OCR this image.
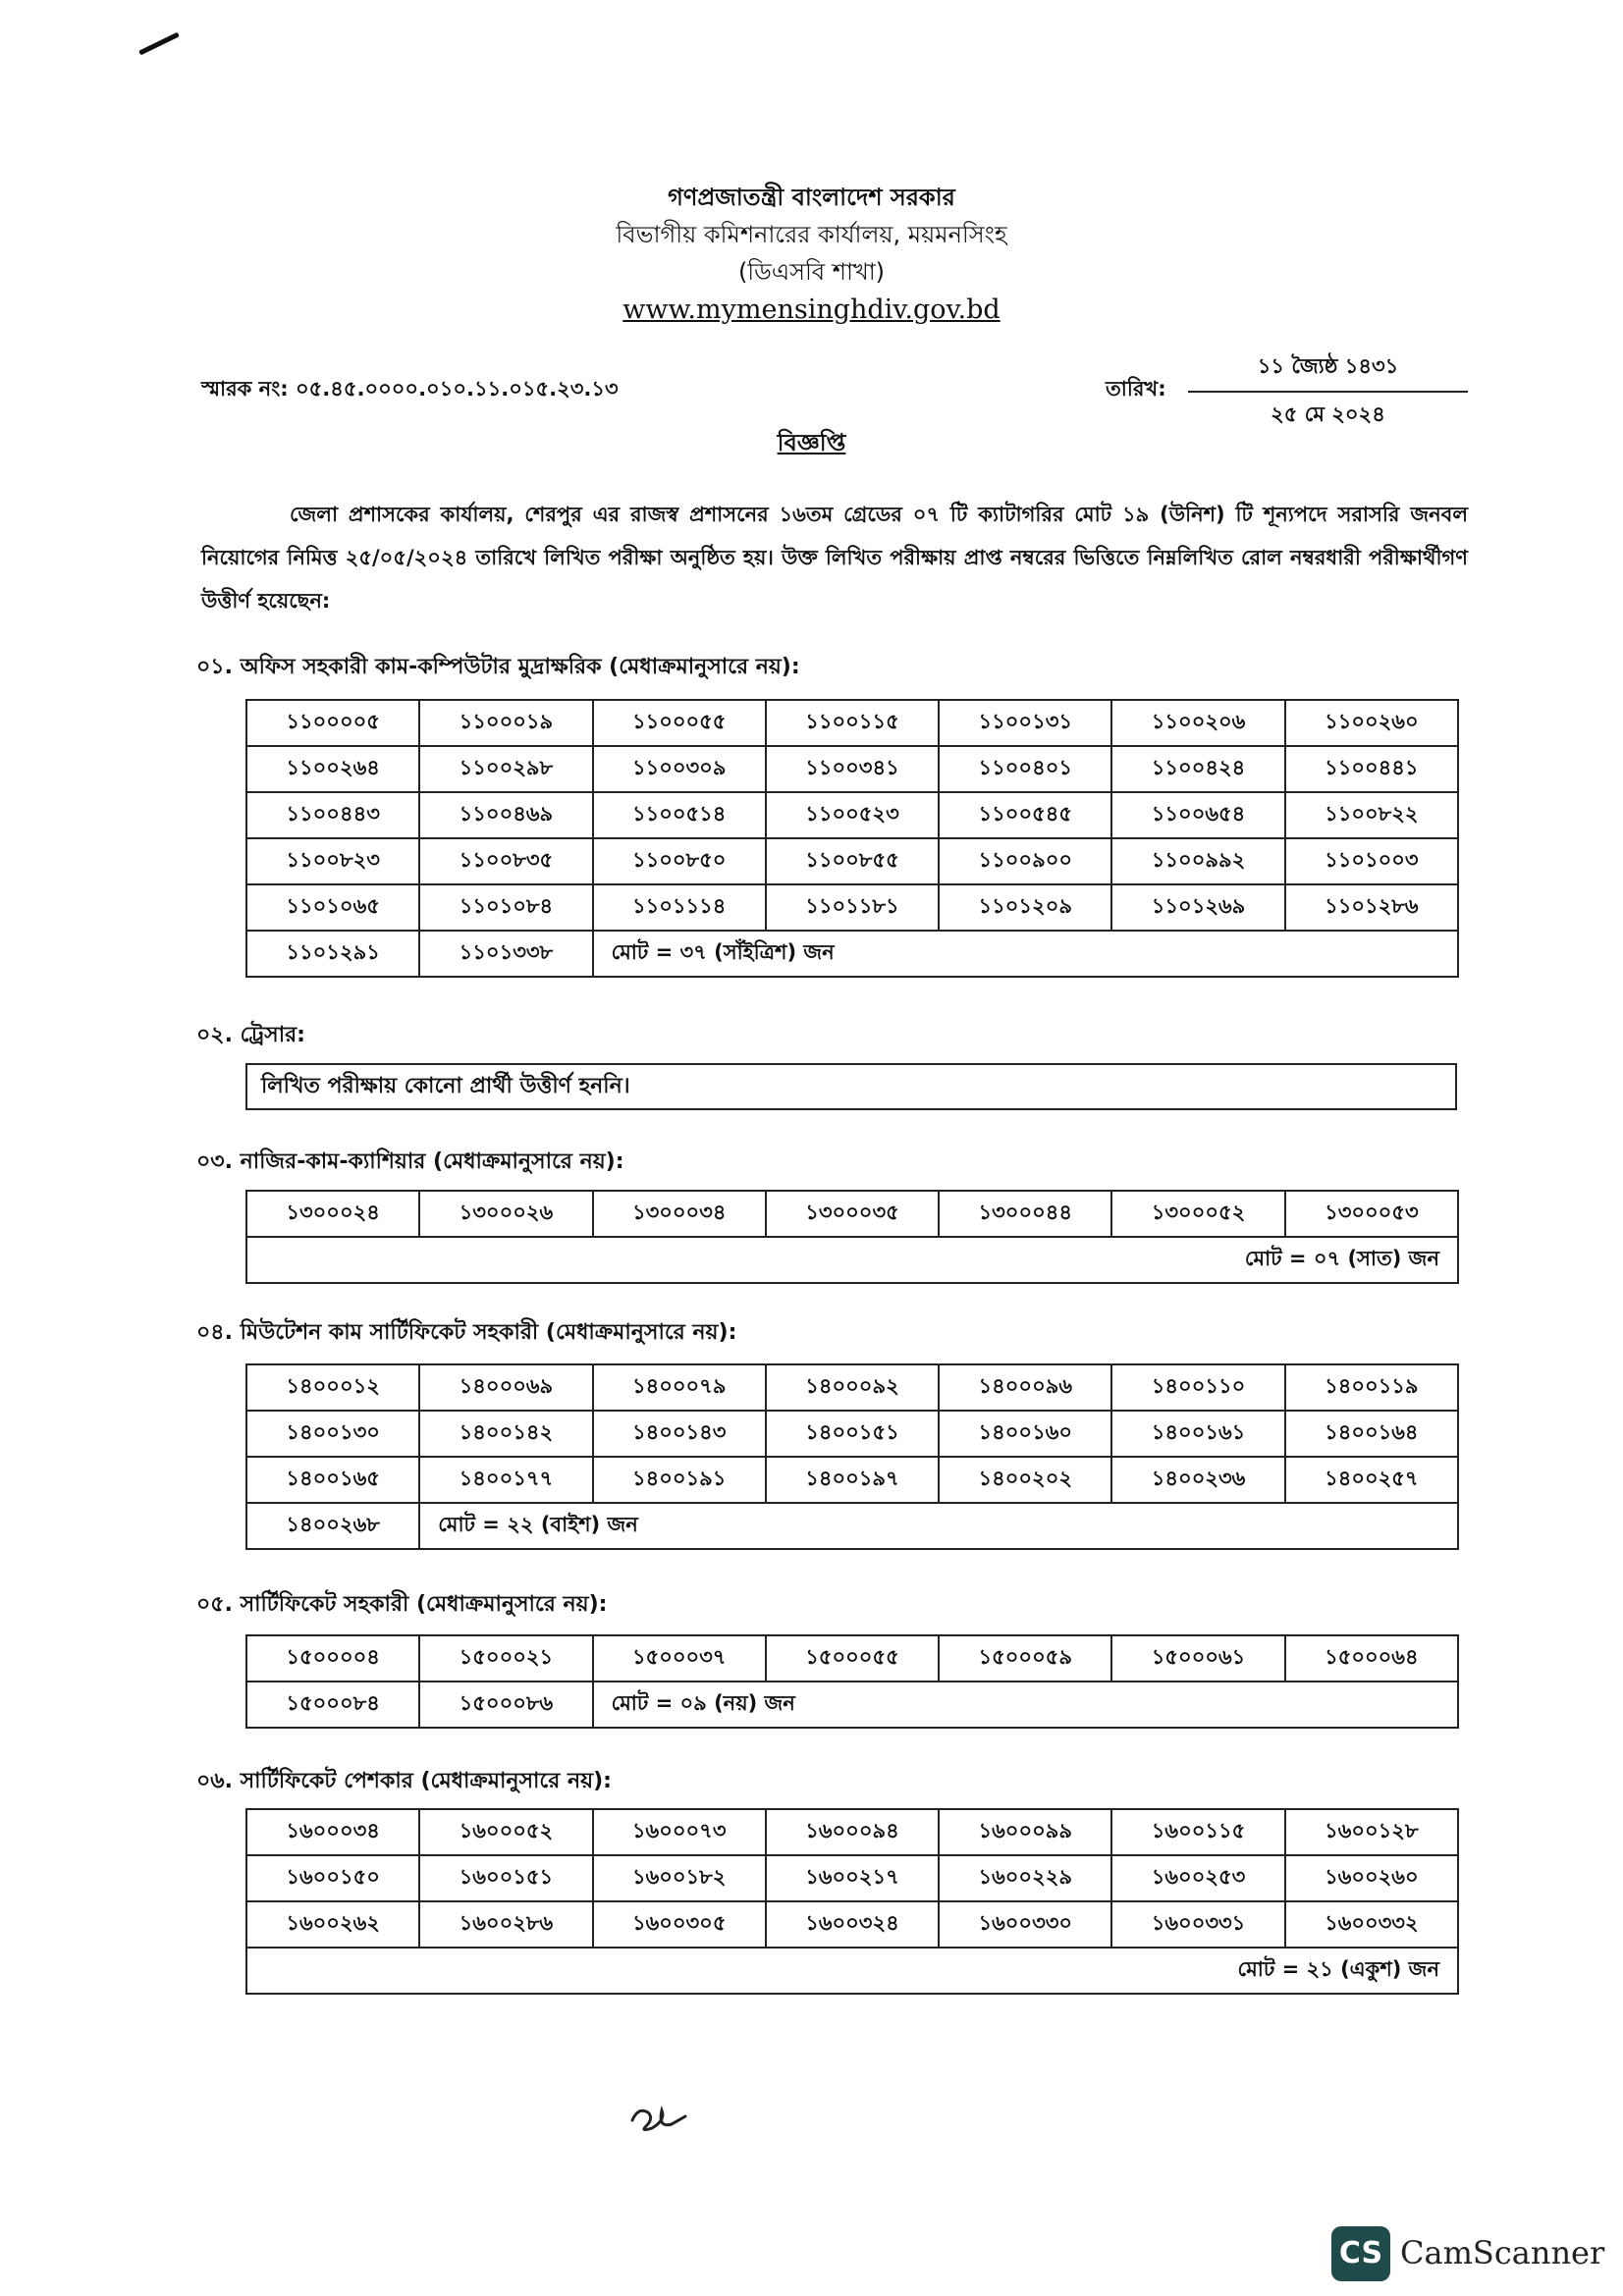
গণপ্রজাতন্ত্রী বাংলাদেশ সরকার
বিভাগীয় কমিশনারের কার্যালয়, ময়মনসিংহ
(ডিএসবি শাখা)
www.mymensinghdiv.gov.bd
স্মারক নং: ০৫.৪৫.০০০০.০১০.১১.০১৫.২৩.১৩	তারিখ:
১১ জ্যৈষ্ঠ ১৪৩১
২৫ মে ২০২৪
বিজ্ঞপ্তি
জেলা প্রশাসকের কার্যালয়, শেরপুর এর রাজস্ব প্রশাসনের ১৬তম গ্রেডের ০৭ টি ক্যাটাগরির মোট ১৯ (উনিশ) টি শূন্যপদে সরাসরি জনবল নিয়োগের নিমিত্ত ২৫/০৫/২০২৪ তারিখে লিখিত পরীক্ষা অনুষ্ঠিত হয়। উক্ত লিখিত পরীক্ষায় প্রাপ্ত নম্বরের ভিত্তিতে নিম্নলিখিত রোল নম্বরধারী পরীক্ষার্থীগণ উত্তীর্ণ হয়েছেন:
০১. অফিস সহকারী কাম-কম্পিউটার মুদ্রাক্ষরিক (মেধাক্রমানুসারে নয়):
১১০০০০৫	১১০০০১৯	১১০০০৫৫	১১০০১১৫	১১০০১৩১	১১০০২০৬	১১০০২৬০
১১০০২৬৪	১১০০২৯৮	১১০০৩০৯	১১০০৩৪১	১১০০৪০১	১১০০৪২৪	১১০০৪৪১
১১০০৪৪৩	১১০০৪৬৯	১১০০৫১৪	১১০০৫২৩	১১০০৫৪৫	১১০০৬৫৪	১১০০৮২২
১১০০৮২৩	১১০০৮৩৫	১১০০৮৫০	১১০০৮৫৫	১১০০৯০০	১১০০৯৯২	১১০১০০৩
১১০১০৬৫	১১০১০৮৪	১১০১১১৪	১১০১১৮১	১১০১২০৯	১১০১২৬৯	১১০১২৮৬
১১০১২৯১	১১০১৩৩৮	মোট = ৩৭ (সাঁইত্রিশ) জন				
০২. ট্রেসার:
লিখিত পরীক্ষায় কোনো প্রার্থী উত্তীর্ণ হননি।
০৩. নাজির-কাম-ক্যাশিয়ার (মেধাক্রমানুসারে নয়):
১৩০০০২৪	১৩০০০২৬	১৩০০০৩৪	১৩০০০৩৫	১৩০০০৪৪	১৩০০০৫২	১৩০০০৫৩
মোট = ০৭ (সাত) জন
০৪. মিউটেশন কাম সার্টিফিকেট সহকারী (মেধাক্রমানুসারে নয়):
১৪০০০১২	১৪০০০৬৯	১৪০০০৭৯	১৪০০০৯২	১৪০০০৯৬	১৪০০১১০	১৪০০১১৯
১৪০০১৩০	১৪০০১৪২	১৪০০১৪৩	১৪০০১৫১	১৪০০১৬০	১৪০০১৬১	১৪০০১৬৪
১৪০০১৬৫	১৪০০১৭৭	১৪০০১৯১	১৪০০১৯৭	১৪০০২০২	১৪০০২৩৬	১৪০০২৫৭
১৪০০২৬৮	মোট = ২২ (বাইশ) জন					
০৫. সার্টিফিকেট সহকারী (মেধাক্রমানুসারে নয়):
১৫০০০০৪	১৫০০০২১	১৫০০০৩৭	১৫০০০৫৫	১৫০০০৫৯	১৫০০০৬১	১৫০০০৬৪
১৫০০০৮৪	১৫০০০৮৬	মোট = ০৯ (নয়) জন				
০৬. সার্টিফিকেট পেশকার (মেধাক্রমানুসারে নয়):
১৬০০০৩৪	১৬০০০৫২	১৬০০০৭৩	১৬০০০৯৪	১৬০০০৯৯	১৬০০১১৫	১৬০০১২৮
১৬০০১৫০	১৬০০১৫১	১৬০০১৮২	১৬০০২১৭	১৬০০২২৯	১৬০০২৫৩	১৬০০২৬০
১৬০০২৬২	১৬০০২৮৬	১৬০০৩০৫	১৬০০৩২৪	১৬০০৩৩০	১৬০০৩৩১	১৬০০৩৩২
মোট = ২১ (একুশ) জন						
CS CamScanner
